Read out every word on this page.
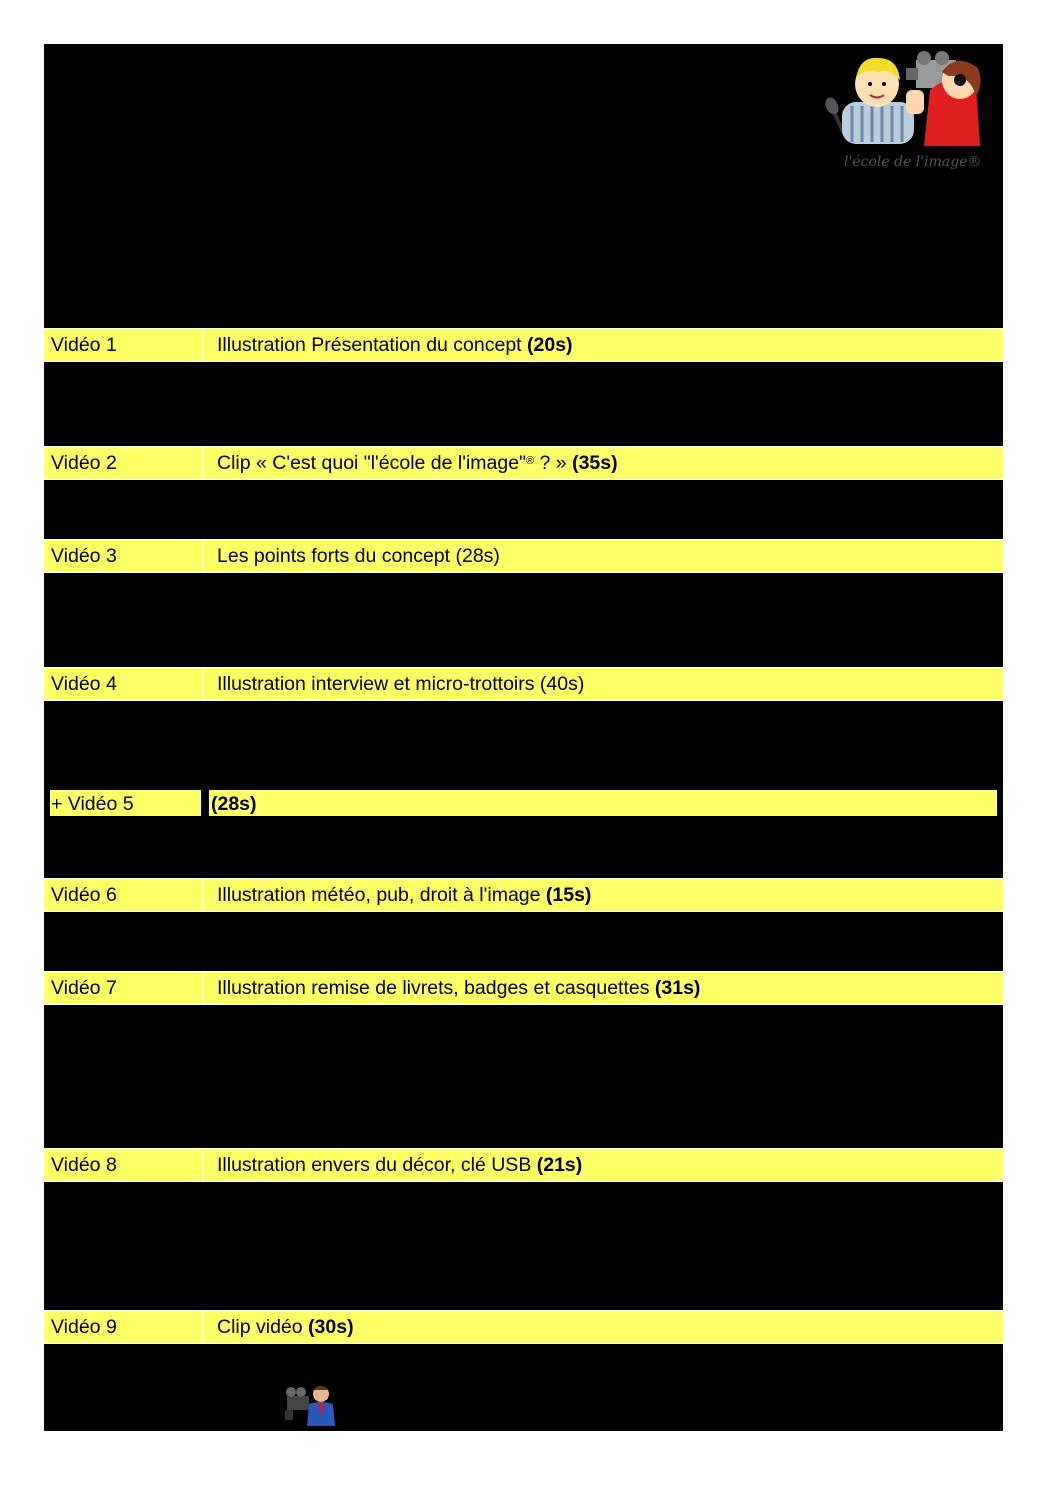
l'école de l'image®
Vidéo 1	Illustration Présentation du concept (20s)
Vidéo 2	Clip « C'est quoi "l'école de l'image"® ? » (35s)
Vidéo 3	Les points forts du concept (28s)
Vidéo 4	Illustration interview et micro-trottoirs (40s)
+ Vidéo 5	(28s)
Vidéo 6	Illustration météo, pub, droit à l'image (15s)
Vidéo 7	Illustration remise de livrets, badges et casquettes (31s)
Vidéo 8	Illustration envers du décor, clé USB (21s)
Vidéo 9	Clip vidéo (30s)
